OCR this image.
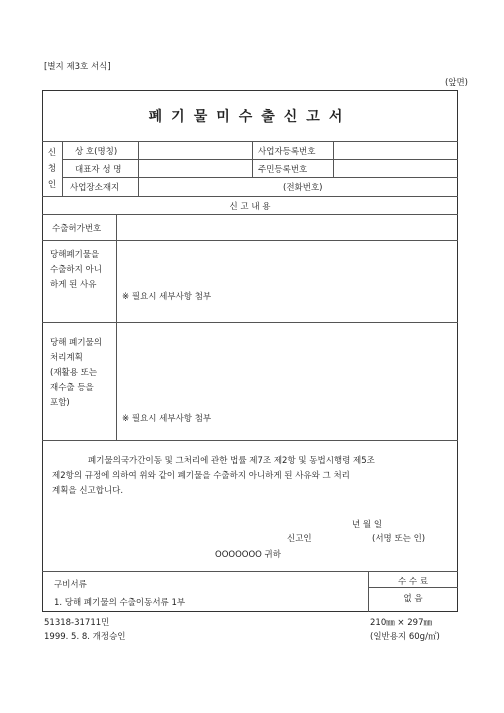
[별지 제3호 서식]
(앞면)
폐기물미수출신고서
신
청
인
상 호(명칭)	사업자등록번호
대표자 성 명	주민등록번호
사업장소재지	(전화번호)
신 고 내 용
수출허가번호
당해폐기물을
수출하지 아니
하게 된 사유
※ 필요시 세부사항 첨부
당해 폐기물의
처리계획
(재활용 또는
재수출 등을
포함)
※ 필요시 세부사항 첨부
폐기물의국가간이동 및 그처리에 관한 법률 제7조 제2항 및 동법시행령 제5조
제2항의 규정에 의하여 위와 같이 폐기물을 수출하지 아니하게 된 사유와 그 처리
계획을 신고합니다.
년 월 일
신고인	(서명 또는 인)
OOOOOOO 귀하
구비서류
1. 당해 폐기물의 수출이동서류 1부
수 수 료
없 음
51318-31711민	210㎜ × 297㎜
1999. 5. 8. 개정승인	(일반용지 60g/㎡)
